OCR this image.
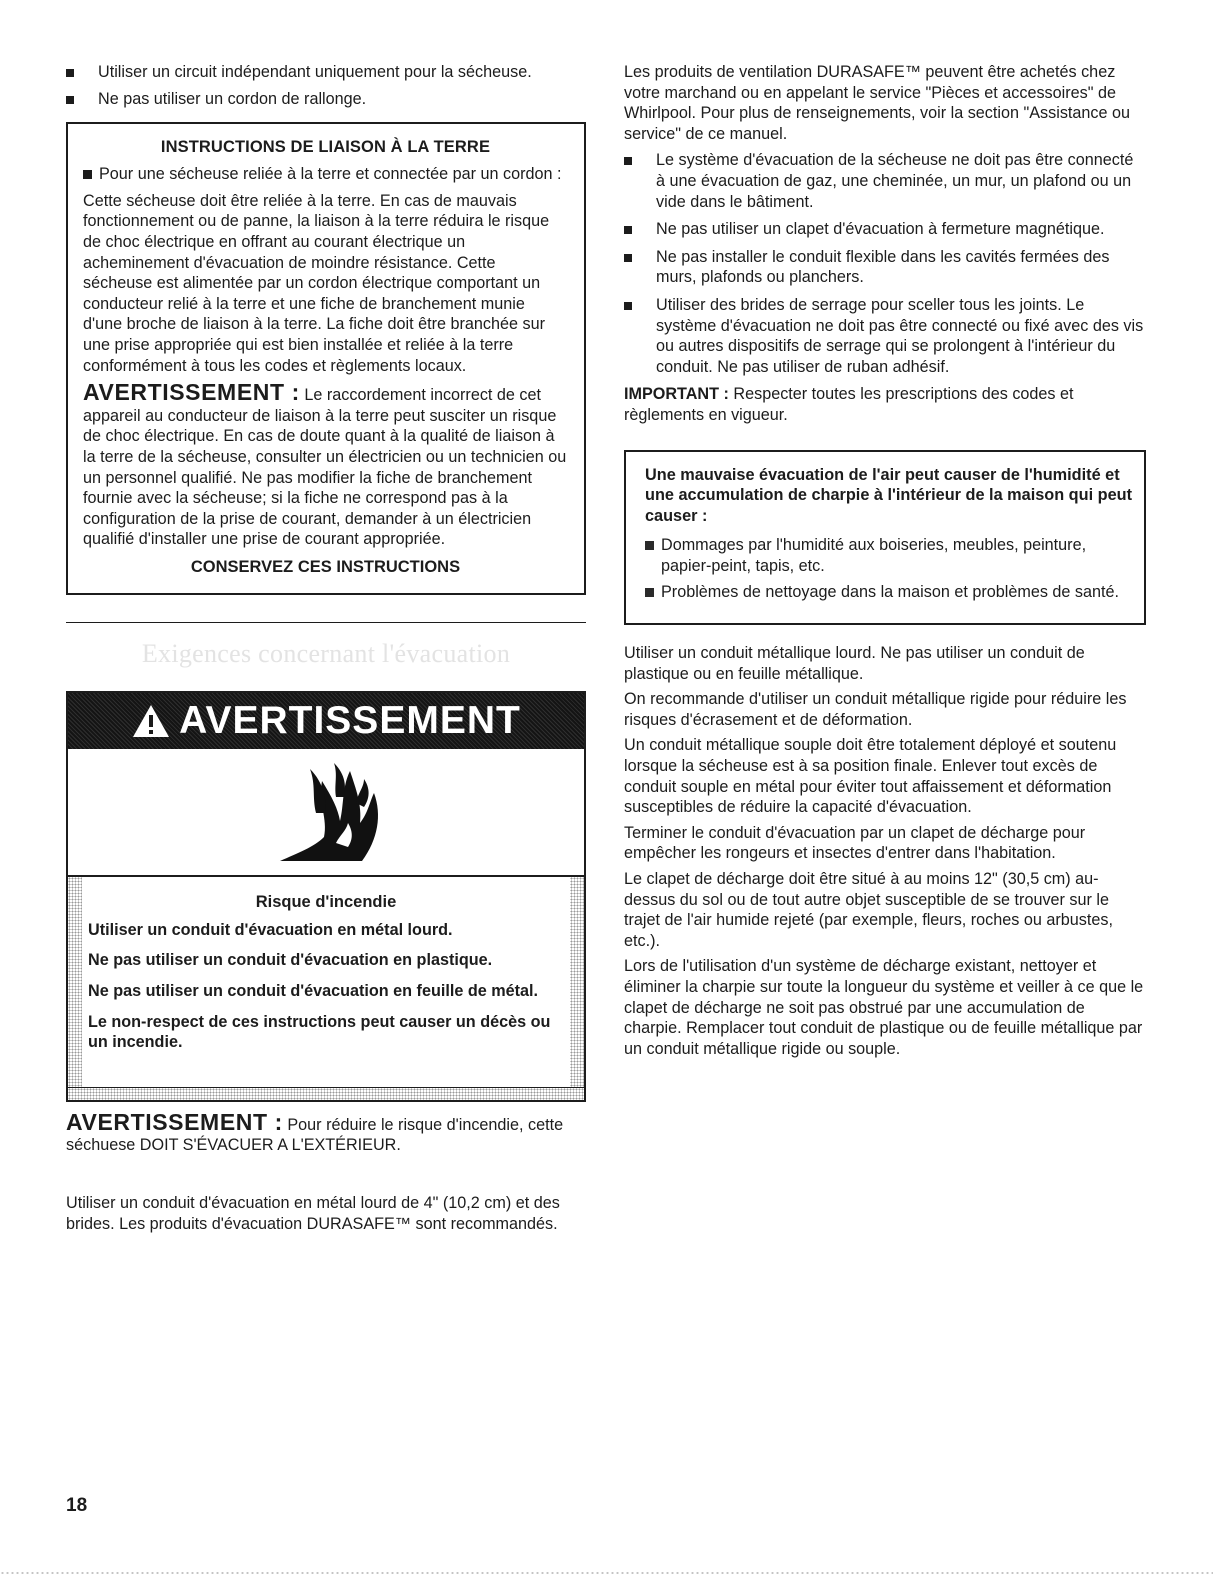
Utiliser un circuit indépendant uniquement pour la sécheuse.
Ne pas utiliser un cordon de rallonge.
INSTRUCTIONS DE LIAISON À LA TERRE
Pour une sécheuse reliée à la terre et connectée par un cordon :

Cette sécheuse doit être reliée à la terre. En cas de mauvais fonctionnement ou de panne, la liaison à la terre réduira le risque de choc électrique en offrant au courant électrique un acheminement d'évacuation de moindre résistance. Cette sécheuse est alimentée par un cordon électrique comportant un conducteur relié à la terre et une fiche de branchement munie d'une broche de liaison à la terre. La fiche doit être branchée sur une prise appropriée qui est bien installée et reliée à la terre conformément à tous les codes et règlements locaux.

AVERTISSEMENT : Le raccordement incorrect de cet appareil au conducteur de liaison à la terre peut susciter un risque de choc électrique. En cas de doute quant à la qualité de liaison à la terre de la sécheuse, consulter un électricien ou un technicien ou un personnel qualifié. Ne pas modifier la fiche de branchement fournie avec la sécheuse; si la fiche ne correspond pas à la configuration de la prise de courant, demander à un électricien qualifié d'installer une prise de courant appropriée.

CONSERVEZ CES INSTRUCTIONS

Exigences concernant l'évacuation
AVERTISSEMENT
Risque d'incendie
Utiliser un conduit d'évacuation en métal lourd.
Ne pas utiliser un conduit d'évacuation en plastique.
Ne pas utiliser un conduit d'évacuation en feuille de métal.
Le non-respect de ces instructions peut causer un décès ou un incendie.

AVERTISSEMENT : Pour réduire le risque d'incendie, cette séchuese DOIT S'ÉVACUER A L'EXTÉRIEUR.

Utiliser un conduit d'évacuation en métal lourd de 4" (10,2 cm) et des brides. Les produits d'évacuation DURASAFE™ sont recommandés.

Les produits de ventilation DURASAFE™ peuvent être achetés chez votre marchand ou en appelant le service "Pièces et accessoires" de Whirlpool. Pour plus de renseignements, voir la section "Assistance ou service" de ce manuel.

Le système d'évacuation de la sécheuse ne doit pas être connecté à une évacuation de gaz, une cheminée, un mur, un plafond ou un vide dans le bâtiment.
Ne pas utiliser un clapet d'évacuation à fermeture magnétique.
Ne pas installer le conduit flexible dans les cavités fermées des murs, plafonds ou planchers.
Utiliser des brides de serrage pour sceller tous les joints. Le système d'évacuation ne doit pas être connecté ou fixé avec des vis ou autres dispositifs de serrage qui se prolongent à l'intérieur du conduit. Ne pas utiliser de ruban adhésif.

IMPORTANT : Respecter toutes les prescriptions des codes et règlements en vigueur.

Une mauvaise évacuation de l'air peut causer de l'humidité et une accumulation de charpie à l'intérieur de la maison qui peut causer :
Dommages par l'humidité aux boiseries, meubles, peinture, papier-peint, tapis, etc.
Problèmes de nettoyage dans la maison et problèmes de santé.

Utiliser un conduit métallique lourd. Ne pas utiliser un conduit de plastique ou en feuille métallique.

On recommande d'utiliser un conduit métallique rigide pour réduire les risques d'écrasement et de déformation.

Un conduit métallique souple doit être totalement déployé et soutenu lorsque la sécheuse est à sa position finale. Enlever tout excès de conduit souple en métal pour éviter tout affaissement et déformation susceptibles de réduire la capacité d'évacuation.

Terminer le conduit d'évacuation par un clapet de décharge pour empêcher les rongeurs et insectes d'entrer dans l'habitation.

Le clapet de décharge doit être situé à au moins 12" (30,5 cm) au-dessus du sol ou de tout autre objet susceptible de se trouver sur le trajet de l'air humide rejeté (par exemple, fleurs, roches ou arbustes, etc.).

Lors de l'utilisation d'un système de décharge existant, nettoyer et éliminer la charpie sur toute la longueur du système et veiller à ce que le clapet de décharge ne soit pas obstrué par une accumulation de charpie. Remplacer tout conduit de plastique ou de feuille métallique par un conduit métallique rigide ou souple.

18
